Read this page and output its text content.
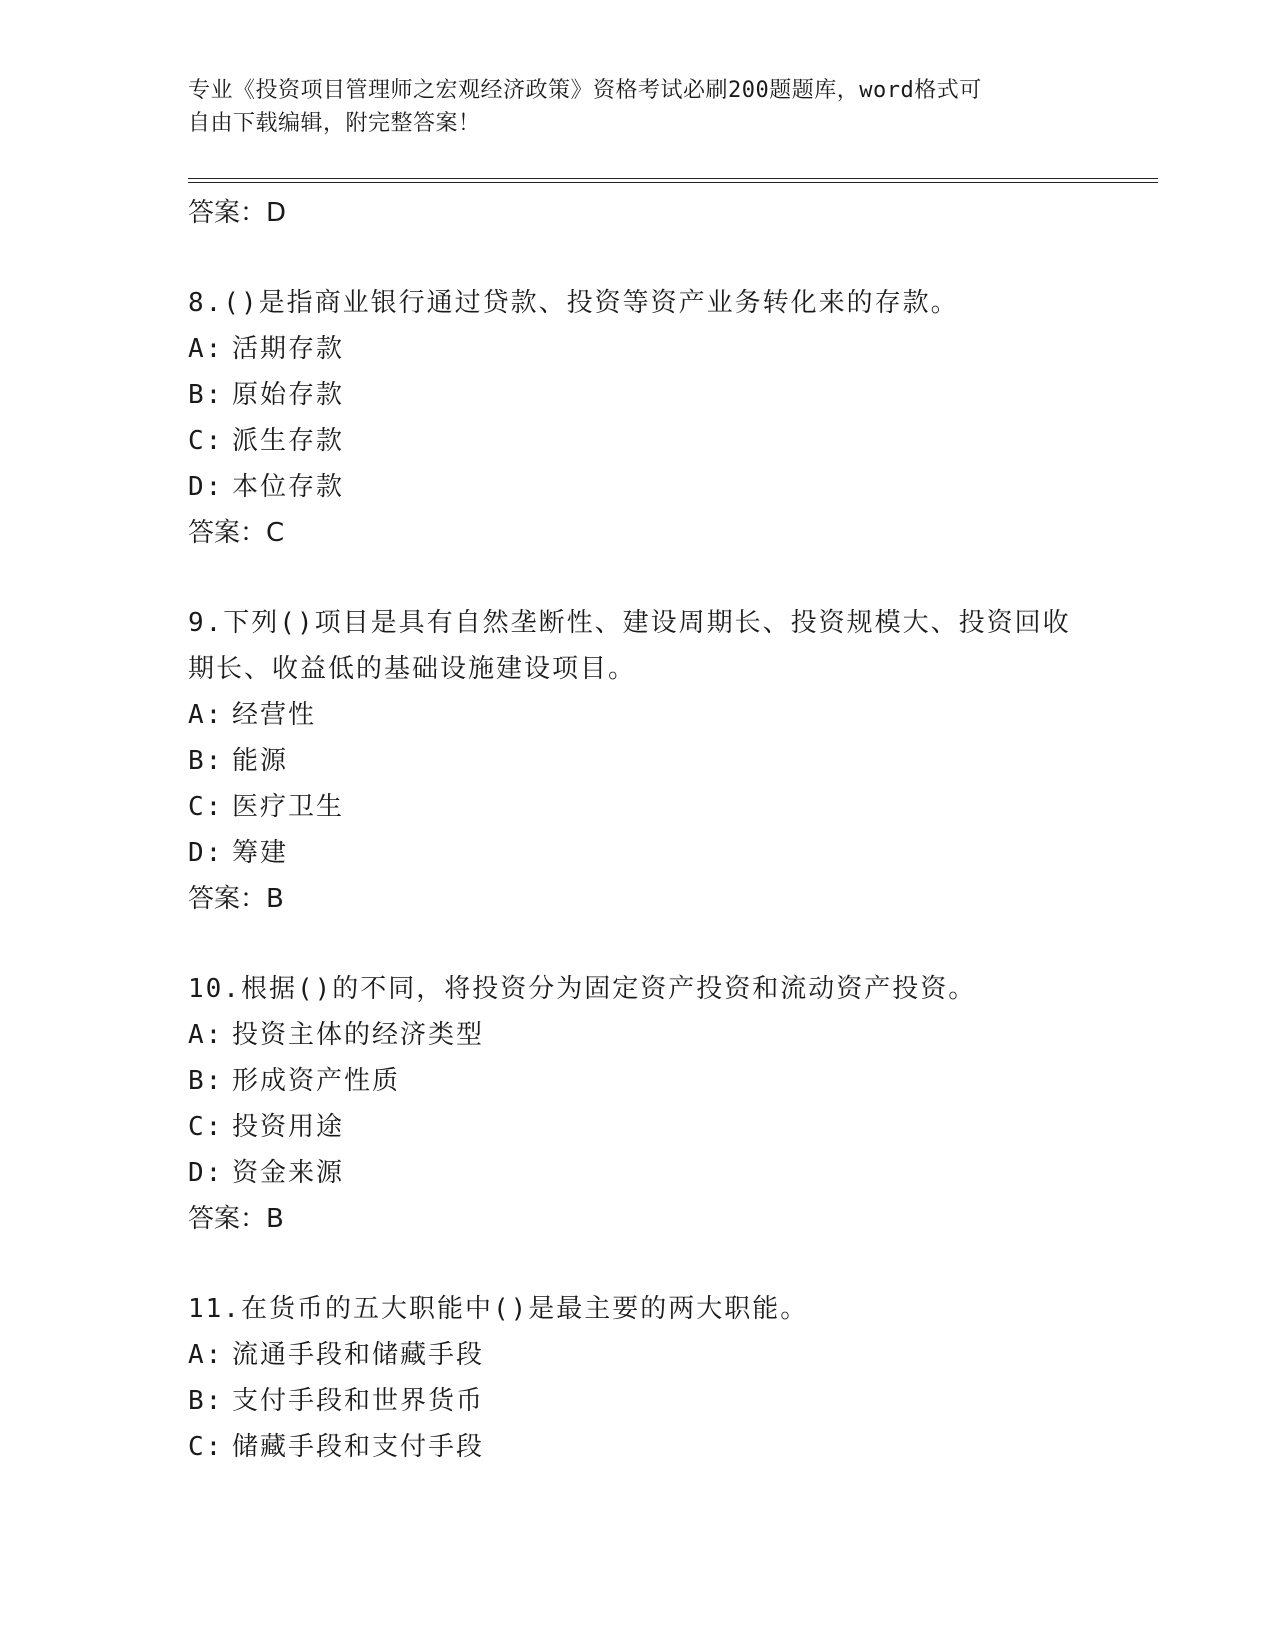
专业《投资项目管理师之宏观经济政策》资格考试必刷200题题库，word格式可
自由下载编辑，附完整答案！
答案：D
8.()是指商业银行通过贷款、投资等资产业务转化来的存款。
A: 活期存款
B: 原始存款
C: 派生存款
D: 本位存款
答案：C
9.下列()项目是具有自然垄断性、建设周期长、投资规模大、投资回收期长、收益低的基础设施建设项目。
A: 经营性
B: 能源
C: 医疗卫生
D: 筹建
答案：B
10.根据()的不同，将投资分为固定资产投资和流动资产投资。
A: 投资主体的经济类型
B: 形成资产性质
C: 投资用途
D: 资金来源
答案：B
11.在货币的五大职能中()是最主要的两大职能。
A: 流通手段和储藏手段
B: 支付手段和世界货币
C: 储藏手段和支付手段
